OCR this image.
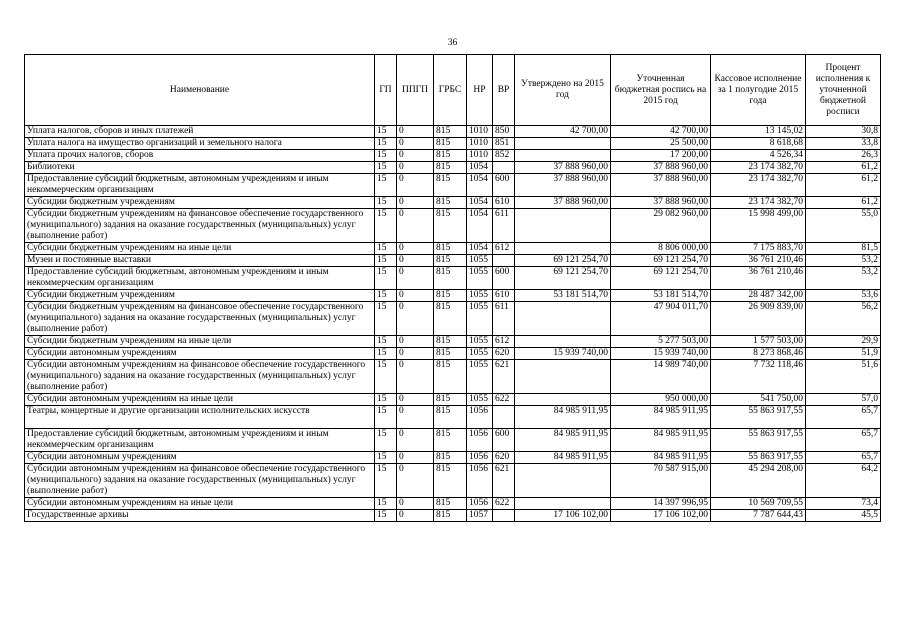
36
Наименование	ГП	ППГП	ГРБС	НР	ВР	Утверждено на 2015 год	Уточненная бюджетная роспись на 2015 год	Кассовое исполнение за 1 полугодие 2015 года	Процент исполнения к уточненной бюджетной росписи
Уплата налогов, сборов и иных платежей	15	0	815	1010	850	42 700,00	42 700,00	13 145,02	30,8
Уплата налога на имущество организаций и земельного налога	15	0	815	1010	851		25 500,00	8 618,68	33,8
Уплата прочих налогов, сборов	15	0	815	1010	852		17 200,00	4 526,34	26,3
Библиотеки	15	0	815	1054		37 888 960,00	37 888 960,00	23 174 382,70	61,2
Предоставление субсидий бюджетным, автономным учреждениям и иным некоммерческим организациям	15	0	815	1054	600	37 888 960,00	37 888 960,00	23 174 382,70	61,2
Субсидии бюджетным учреждениям	15	0	815	1054	610	37 888 960,00	37 888 960,00	23 174 382,70	61,2
Субсидии бюджетным учреждениям на финансовое обеспечение государственного (муниципального) задания на оказание государственных (муниципальных) услуг (выполнение работ)	15	0	815	1054	611		29 082 960,00	15 998 499,00	55,0
Субсидии бюджетным учреждениям на иные цели	15	0	815	1054	612		8 806 000,00	7 175 883,70	81,5
Музеи и постоянные выставки	15	0	815	1055		69 121 254,70	69 121 254,70	36 761 210,46	53,2
Предоставление субсидий бюджетным, автономным учреждениям и иным некоммерческим организациям	15	0	815	1055	600	69 121 254,70	69 121 254,70	36 761 210,46	53,2
Субсидии бюджетным учреждениям	15	0	815	1055	610	53 181 514,70	53 181 514,70	28 487 342,00	53,6
Субсидии бюджетным учреждениям на финансовое обеспечение государственного (муниципального) задания на оказание государственных (муниципальных) услуг (выполнение работ)	15	0	815	1055	611		47 904 011,70	26 909 839,00	56,2
Субсидии бюджетным учреждениям на иные цели	15	0	815	1055	612		5 277 503,00	1 577 503,00	29,9
Субсидии автономным учреждениям	15	0	815	1055	620	15 939 740,00	15 939 740,00	8 273 868,46	51,9
Субсидии автономным учреждениям на финансовое обеспечение государственного (муниципального) задания на оказание государственных (муниципальных) услуг (выполнение работ)	15	0	815	1055	621		14 989 740,00	7 732 118,46	51,6
Субсидии автономным учреждениям на иные цели	15	0	815	1055	622		950 000,00	541 750,00	57,0
Театры, концертные и другие организации исполнительских искусств	15	0	815	1056		84 985 911,95	84 985 911,95	55 863 917,55	65,7
Предоставление субсидий бюджетным, автономным учреждениям и иным некоммерческим организациям	15	0	815	1056	600	84 985 911,95	84 985 911,95	55 863 917,55	65,7
Субсидии автономным учреждениям	15	0	815	1056	620	84 985 911,95	84 985 911,95	55 863 917,55	65,7
Субсидии автономным учреждениям на финансовое обеспечение государственного (муниципального) задания на оказание государственных (муниципальных) услуг (выполнение работ)	15	0	815	1056	621		70 587 915,00	45 294 208,00	64,2
Субсидии автономным учреждениям на иные цели	15	0	815	1056	622		14 397 996,95	10 569 709,55	73,4
Государственные архивы	15	0	815	1057		17 106 102,00	17 106 102,00	7 787 644,43	45,5
